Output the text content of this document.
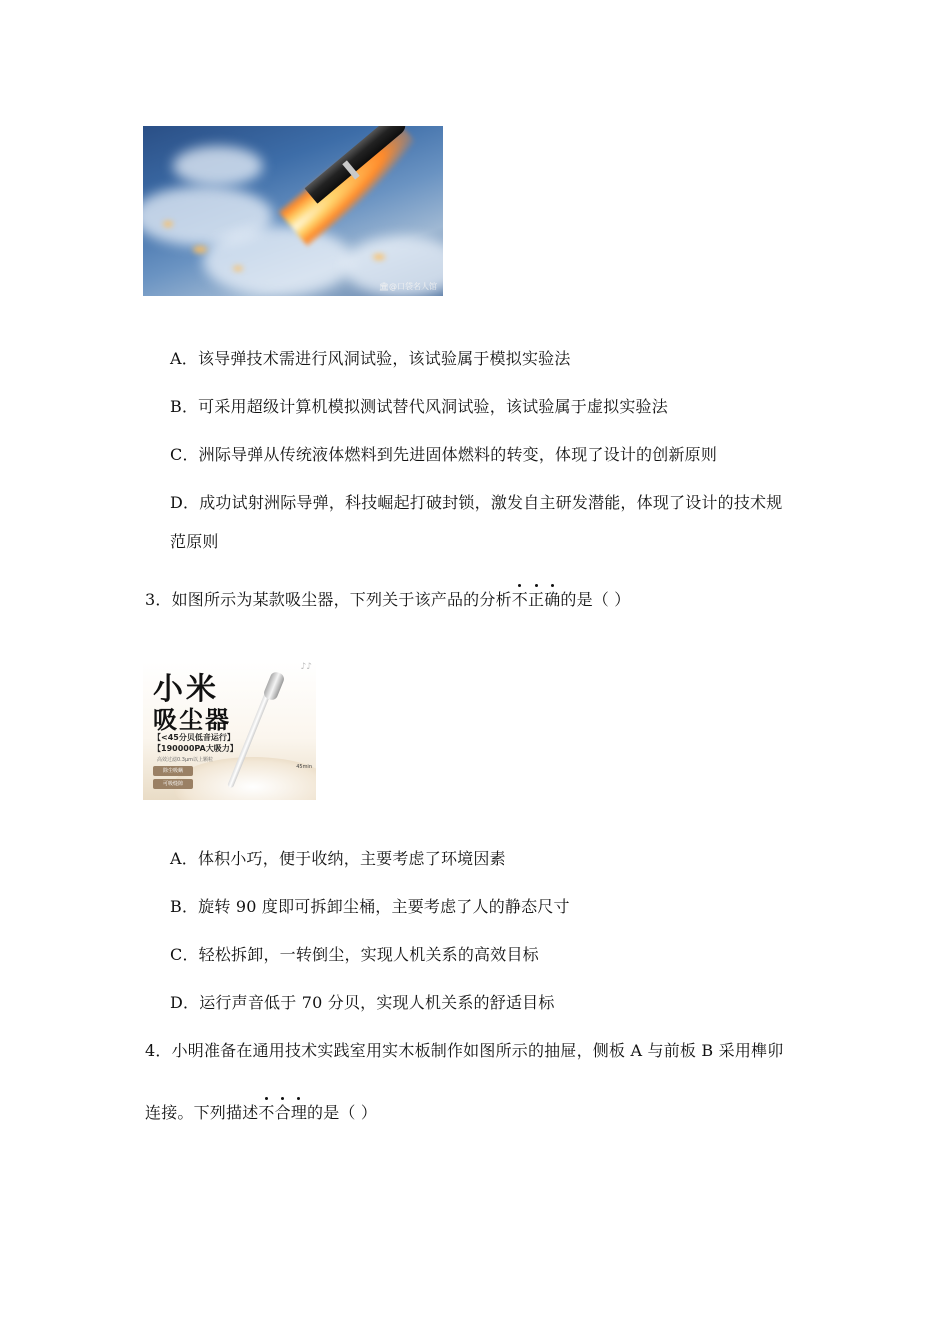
🏛@口袋名人馆
A．该导弹技术需进行风洞试验，该试验属于模拟实验法
B．可采用超级计算机模拟测试替代风洞试验，该试验属于虚拟实验法
C．洲际导弹从传统液体燃料到先进固体燃料的转变，体现了设计的创新原则
D．成功试射洲际导弹，科技崛起打破封锁，激发自主研发潜能，体现了设计的技术规
范原则
3．如图所示为某款吸尘器，下列关于该产品的分析不正确的是（ ）
♪♪
小米
吸尘器
【<45分贝低音运行】
【190000PA大吸力】
高效过滤0.3μm以上颗粒
除尘吸螨
可吸缝隙
45min
A．体积小巧，便于收纳，主要考虑了环境因素
B．旋转 90 度即可拆卸尘桶，主要考虑了人的静态尺寸
C．轻松拆卸，一转倒尘，实现人机关系的高效目标
D．运行声音低于 70 分贝，实现人机关系的舒适目标
4．小明准备在通用技术实践室用实木板制作如图所示的抽屉，侧板 A 与前板 B 采用榫卯
连接。下列描述不合理的是（ ）
